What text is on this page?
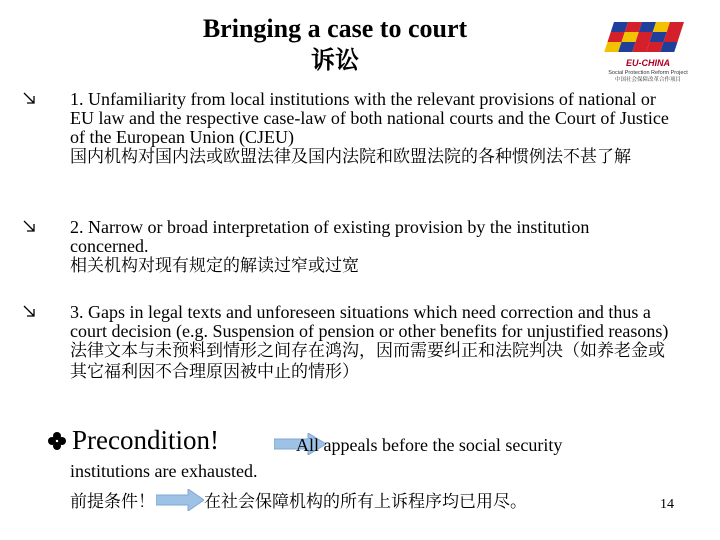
Bringing a case to court
诉讼	EU-CHINA
Social Protection Reform Project
中国社会保障改革合作项目
1. Unfamiliarity from local institutions with the relevant provisions of national or EU law and the respective case-law of both national courts and the Court of Justice of the European Union (CJEU)
国内机构对国内法或欧盟法律及国内法院和欧盟法院的各种惯例法不甚了解
2. Narrow or broad interpretation of existing provision by the institution concerned.
相关机构对现有规定的解读过窄或过宽
3. Gaps in legal texts and unforeseen situations which need correction and thus a court decision (e.g. Suspension of pension or other benefits for unjustified reasons)
法律文本与未预料到情形之间存在鸿沟，因而需要纠正和法院判决（如养老金或其它福利因不合理原因被中止的情形）
Precondition!	All appeals before the social security
institutions are exhausted.
前提条件！	在社会保障机构的所有上诉程序均已用尽。	14
